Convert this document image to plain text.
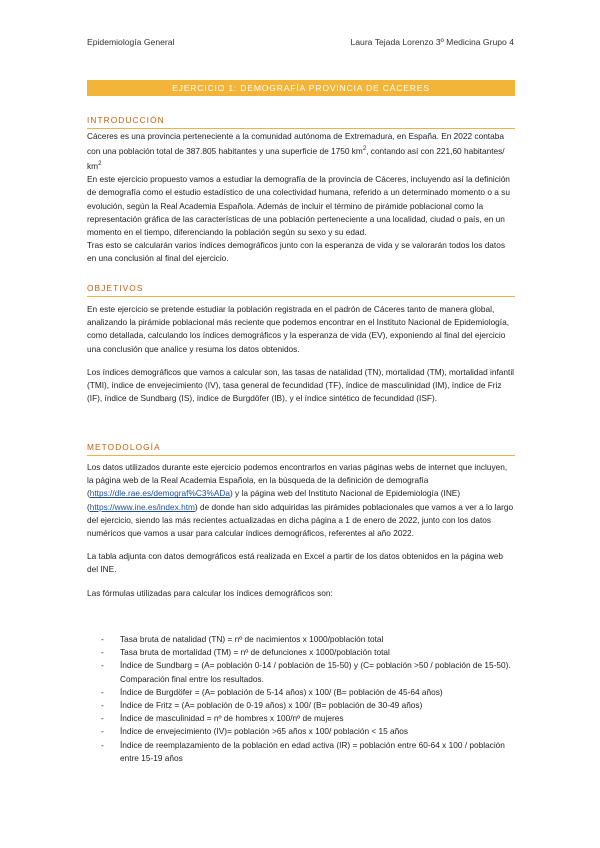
Epidemiología General	Laura Tejada Lorenzo 3º Medicina Grupo 4
EJERCICIO 1: DEMOGRAFÍA PROVINCIA DE CÁCERES
INTRODUCCIÓN

Cáceres es una provincia perteneciente a la comunidad autónoma de Extremadura, en España. En 2022 contaba con una población total de 387.805 habitantes y una superficie de 1750 $km^2$, contando así con 221,60 habitantes/ $km^2$

En este ejercicio propuesto vamos a estudiar la demografía de la provincia de Cáceres, incluyendo así la definición de demografía como el estudio estadístico de una colectividad humana, referido a un determinado momento o a su evolución, según la Real Academia Española. Además de incluir el término de pirámide poblacional como la representación gráfica de las características de una población perteneciente a una localidad, ciudad o país, en un momento en el tiempo, diferenciando la población según su sexo y su edad.

Tras esto se calcularán varios índices demográficos junto con la esperanza de vida y se valorarán todos los datos en una conclusión al final del ejercicio.

OBJETIVOS

En este ejercicio se pretende estudiar la población registrada en el padrón de Cáceres tanto de manera global, analizando la pirámide poblacional más reciente que podemos encontrar en el Instituto Nacional de Epidemiología, como detallada, calculando los índices demográficos y la esperanza de vida (EV), exponiendo al final del ejercicio una conclusión que analice y resuma los datos obtenidos.

Los índices demográficos que vamos a calcular son, las tasas de natalidad (TN), mortalidad (TM), mortalidad infantil (TMI), índice de envejecimiento (IV), tasa general de fecundidad (TF), índice de masculinidad (IM), índice de Friz (IF), índice de Sundbarg (IS), índice de Burgdöfer (IB), y el índice sintético de fecundidad (ISF).

METODOLOGÍA

Los datos utilizados durante este ejercicio podemos encontrarlos en varias páginas webs de internet que incluyen, la página web de la Real Academia Española, en la búsqueda de la definición de demografía (https://dle.rae.es/demograf%C3%ADa) y la página web del Instituto Nacional de Epidemiología (INE) (https://www.ine.es/index.htm) de donde han sido adquiridas las pirámides poblacionales que vamos a ver a lo largo del ejercicio, siendo las más recientes actualizadas en dicha página a 1 de enero de 2022, junto con los datos numéricos que vamos a usar para calcular índices demográficos, referentes al año 2022.

La tabla adjunta con datos demográficos está realizada en Excel a partir de los datos obtenidos en la página web del INE.

Las fórmulas utilizadas para calcular los índices demográficos son:

- Tasa bruta de natalidad (TN) = nº de nacimientos x 1000/población total
- Tasa bruta de mortalidad (TM) = nº de defunciones x 1000/población total
- Índice de Sundbarg = (A= población 0-14 / población de 15-50) y (C= población >50 / población de 15-50). Comparación final entre los resultados.
- Índice de Burgdöfer = (A= población de 5-14 años) x 100/ (B= población de 45-64 años)
- Índice de Fritz = (A= población de 0-19 años) x 100/ (B= población de 30-49 años)
- Índice de masculinidad = nº de hombres x 100/nº de mujeres
- Índice de envejecimiento (IV)= población >65 años x 100/ población < 15 años
- Índice de reemplazamiento de la población en edad activa (IR) = población entre 60-64 x 100 / población entre 15-19 años
